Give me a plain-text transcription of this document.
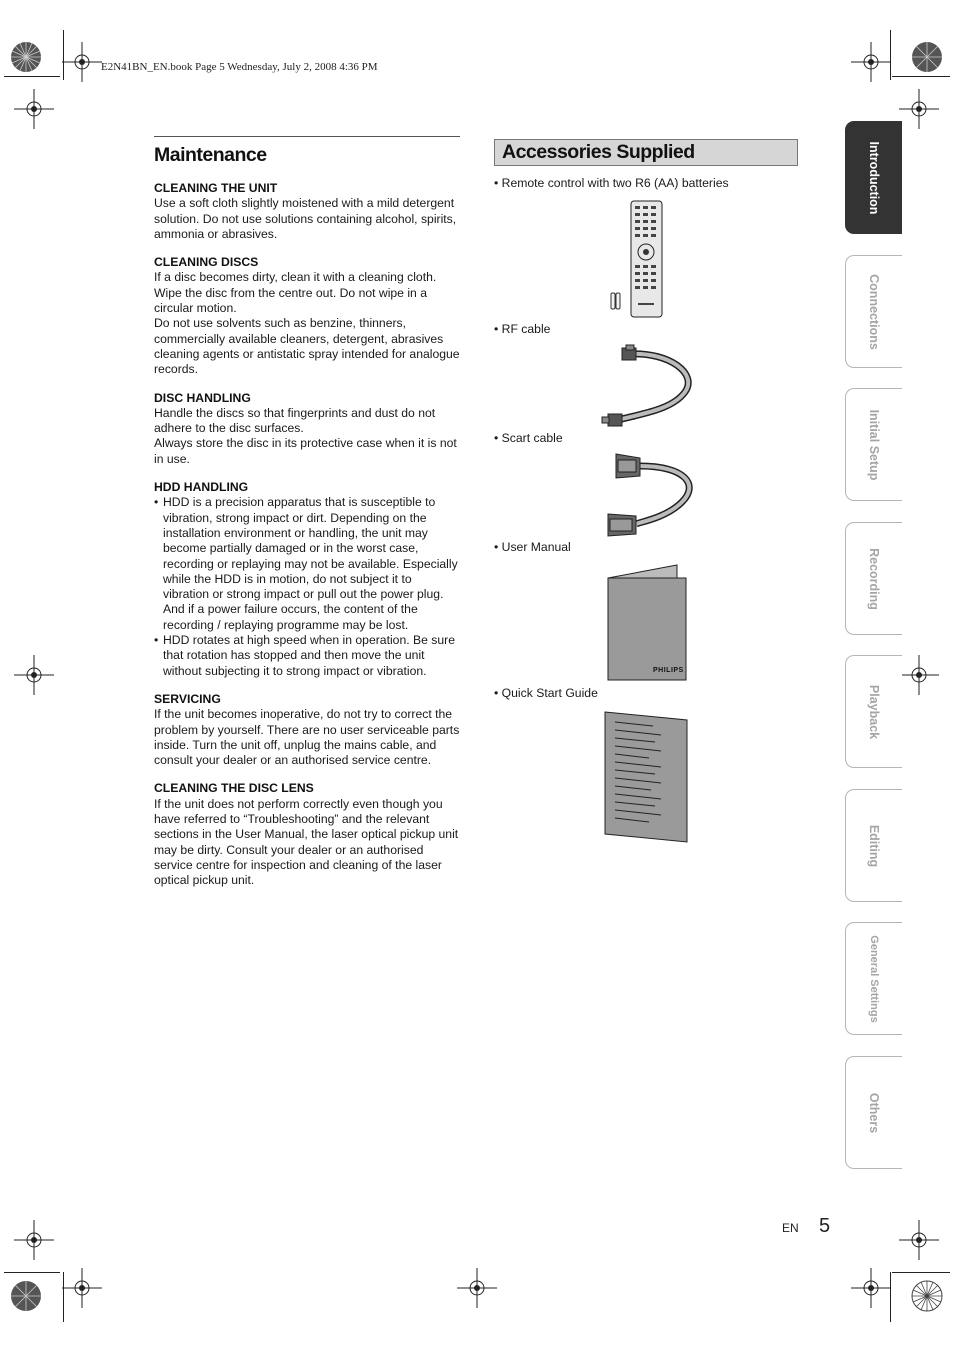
E2N41BN_EN.book Page 5 Wednesday, July 2, 2008 4:36 PM
Maintenance

CLEANING THE UNIT

Use a soft cloth slightly moistened with a mild detergent solution. Do not use solutions containing alcohol, spirits, ammonia or abrasives.

CLEANING DISCS

If a disc becomes dirty, clean it with a cleaning cloth. Wipe the disc from the centre out. Do not wipe in a circular motion.

Do not use solvents such as benzine, thinners, commercially available cleaners, detergent, abrasives cleaning agents or antistatic spray intended for analogue records.

DISC HANDLING

Handle the discs so that fingerprints and dust do not adhere to the disc surfaces.

Always store the disc in its protective case when it is not in use.

HDD HANDLING

• HDD is a precision apparatus that is susceptible to vibration, strong impact or dirt. Depending on the installation environment or handling, the unit may become partially damaged or in the worst case, recording or replaying may not be available. Especially while the HDD is in motion, do not subject it to vibration or strong impact or pull out the power plug. And if a power failure occurs, the content of the recording / replaying programme may be lost.
• HDD rotates at high speed when in operation. Be sure that rotation has stopped and then move the unit without subjecting it to strong impact or vibration.

SERVICING

If the unit becomes inoperative, do not try to correct the problem by yourself. There are no user serviceable parts inside. Turn the unit off, unplug the mains cable, and consult your dealer or an authorised service centre.

CLEANING THE DISC LENS

If the unit does not perform correctly even though you have referred to “Troubleshooting” and the relevant sections in the User Manual, the laser optical pickup unit may be dirty. Consult your dealer or an authorised service centre for inspection and cleaning of the laser optical pickup unit.

Accessories Supplied
• Remote control with two R6 (AA) batteries
• RF cable
• Scart cable
• User Manual
PHILIPS
• Quick Start Guide
Introduction
Connections
Initial Setup
Recording
Playback
Editing
General Settings
Others
EN 5
